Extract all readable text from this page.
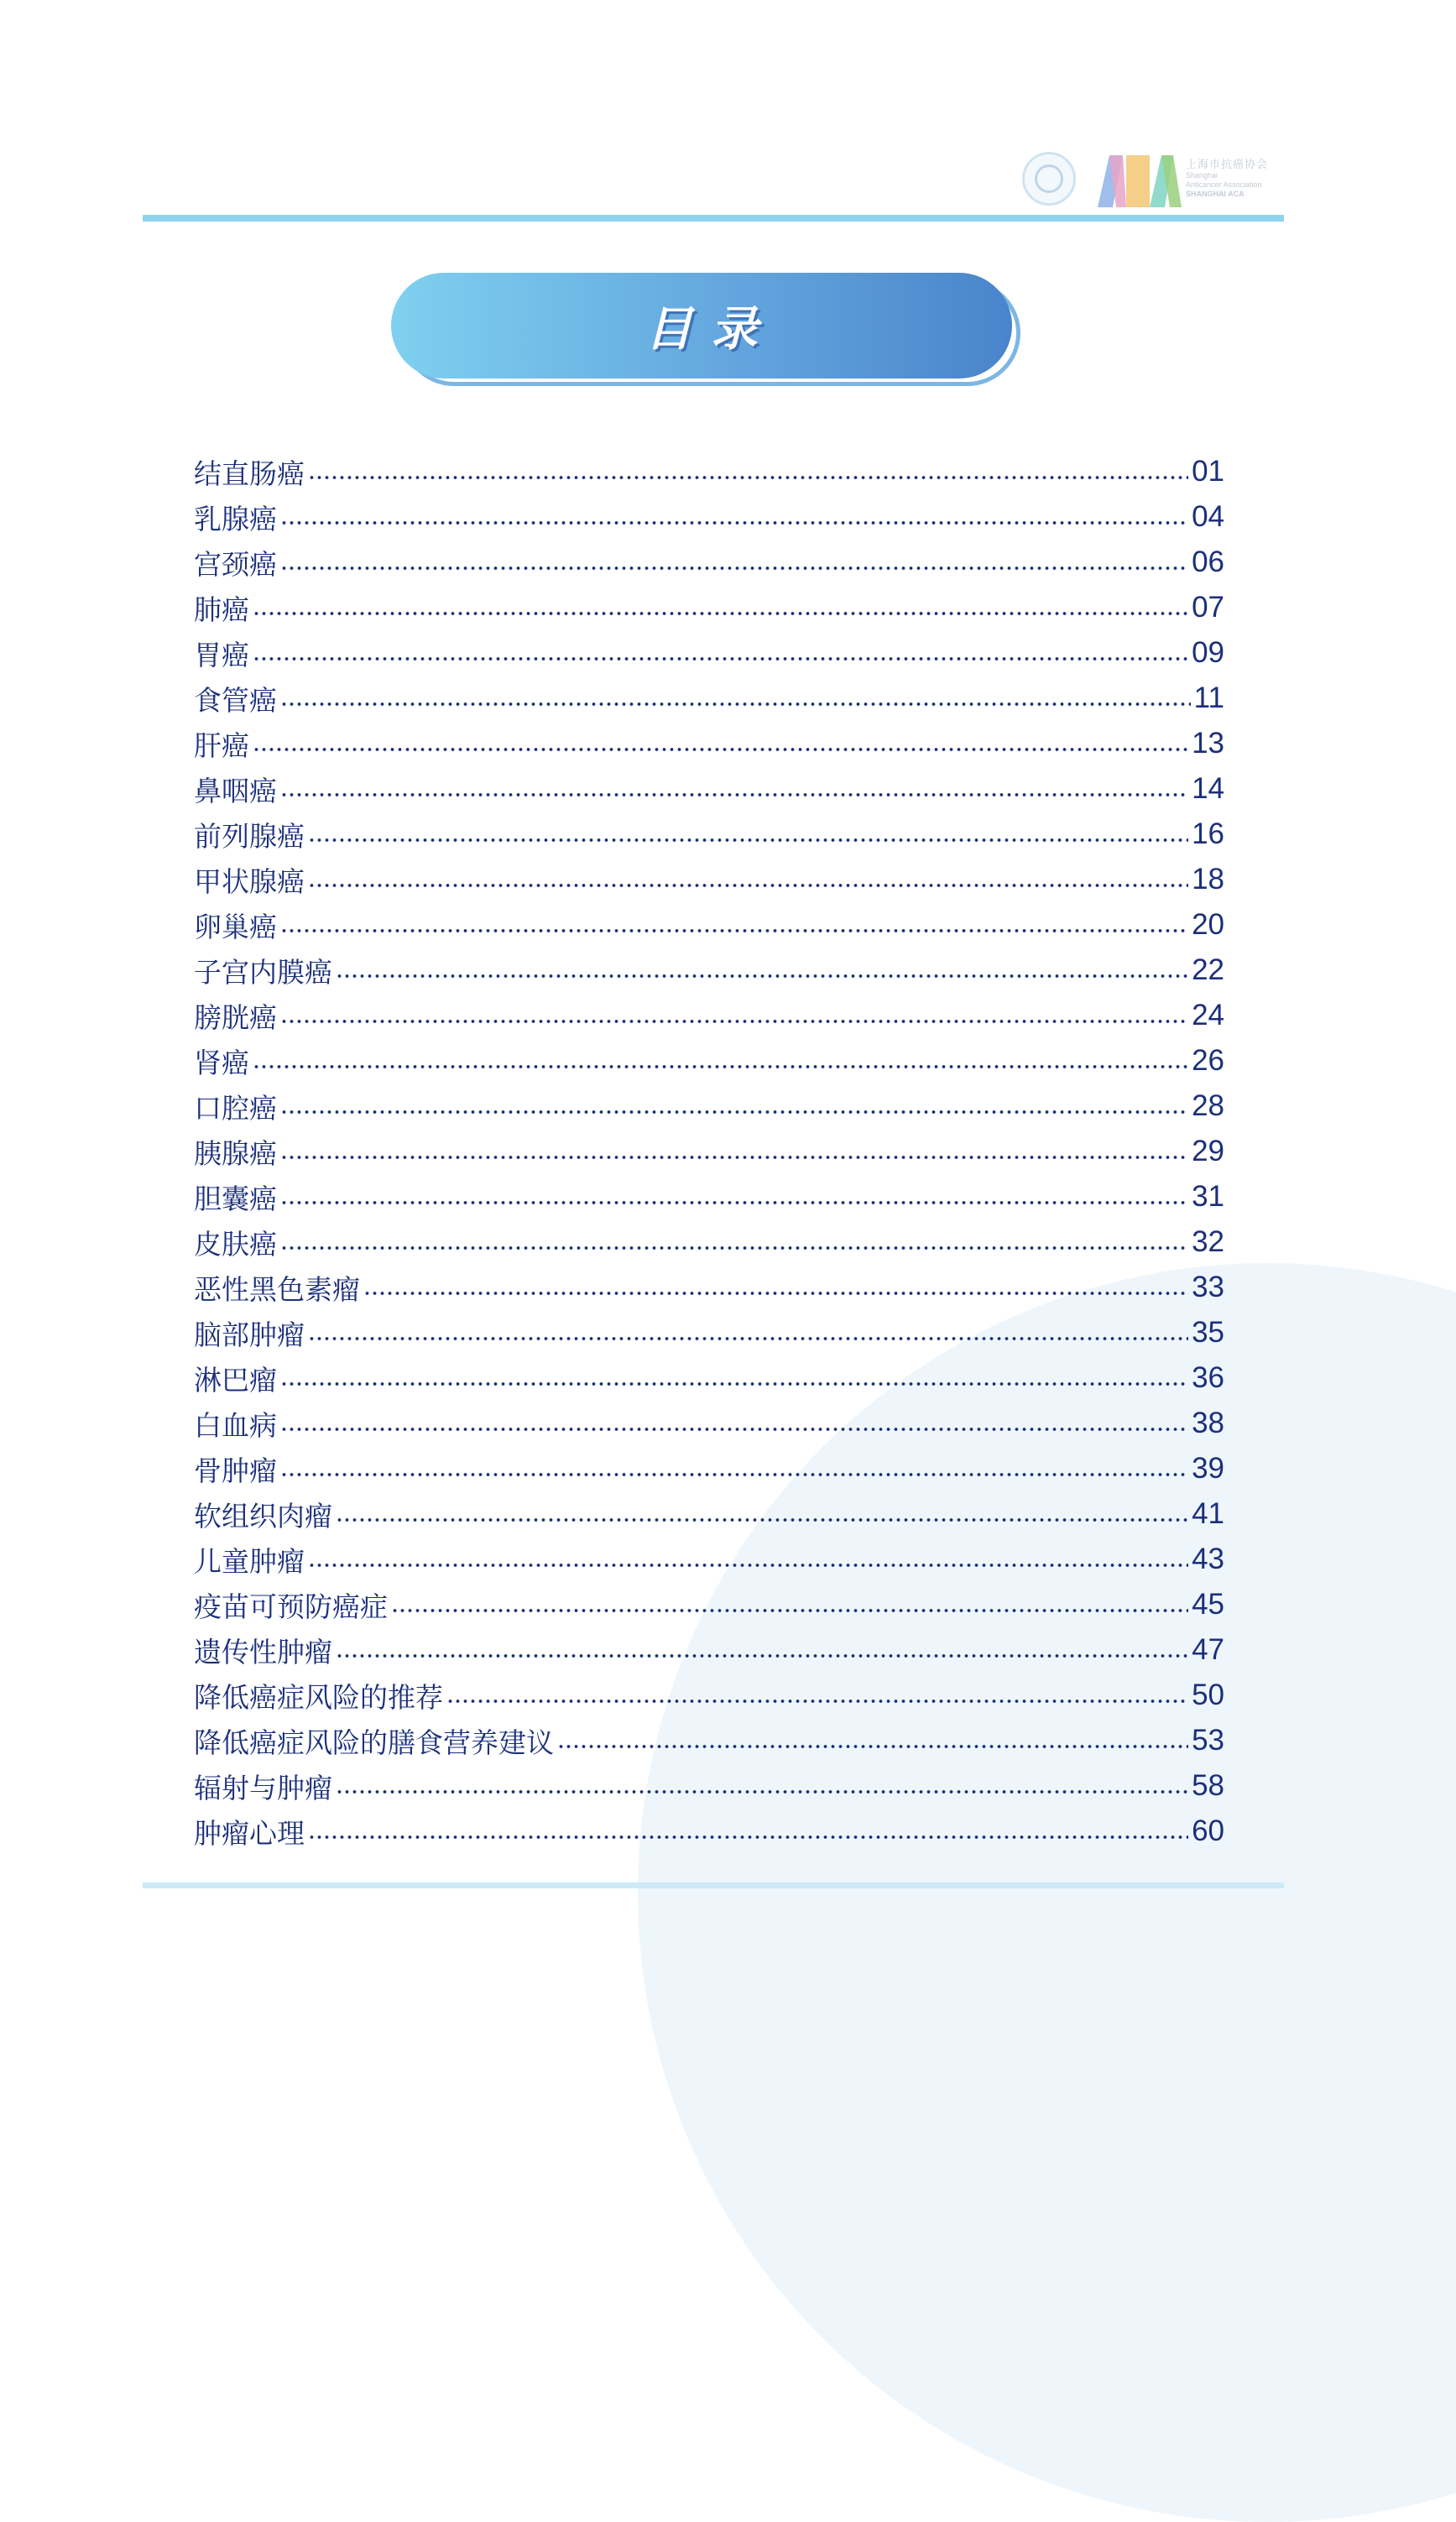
上海市抗癌协会
Shanghai
Anticancer Association
SHANGHAI ACA
目录
结直肠癌	01
乳腺癌	04
宫颈癌	06
肺癌	07
胃癌	09
食管癌	11
肝癌	13
鼻咽癌	14
前列腺癌	16
甲状腺癌	18
卵巢癌	20
子宫内膜癌	22
膀胱癌	24
肾癌	26
口腔癌	28
胰腺癌	29
胆囊癌	31
皮肤癌	32
恶性黑色素瘤	33
脑部肿瘤	35
淋巴瘤	36
白血病	38
骨肿瘤	39
软组织肉瘤	41
儿童肿瘤	43
疫苗可预防癌症	45
遗传性肿瘤	47
降低癌症风险的推荐	50
降低癌症风险的膳食营养建议	53
辐射与肿瘤	58
肿瘤心理	60
